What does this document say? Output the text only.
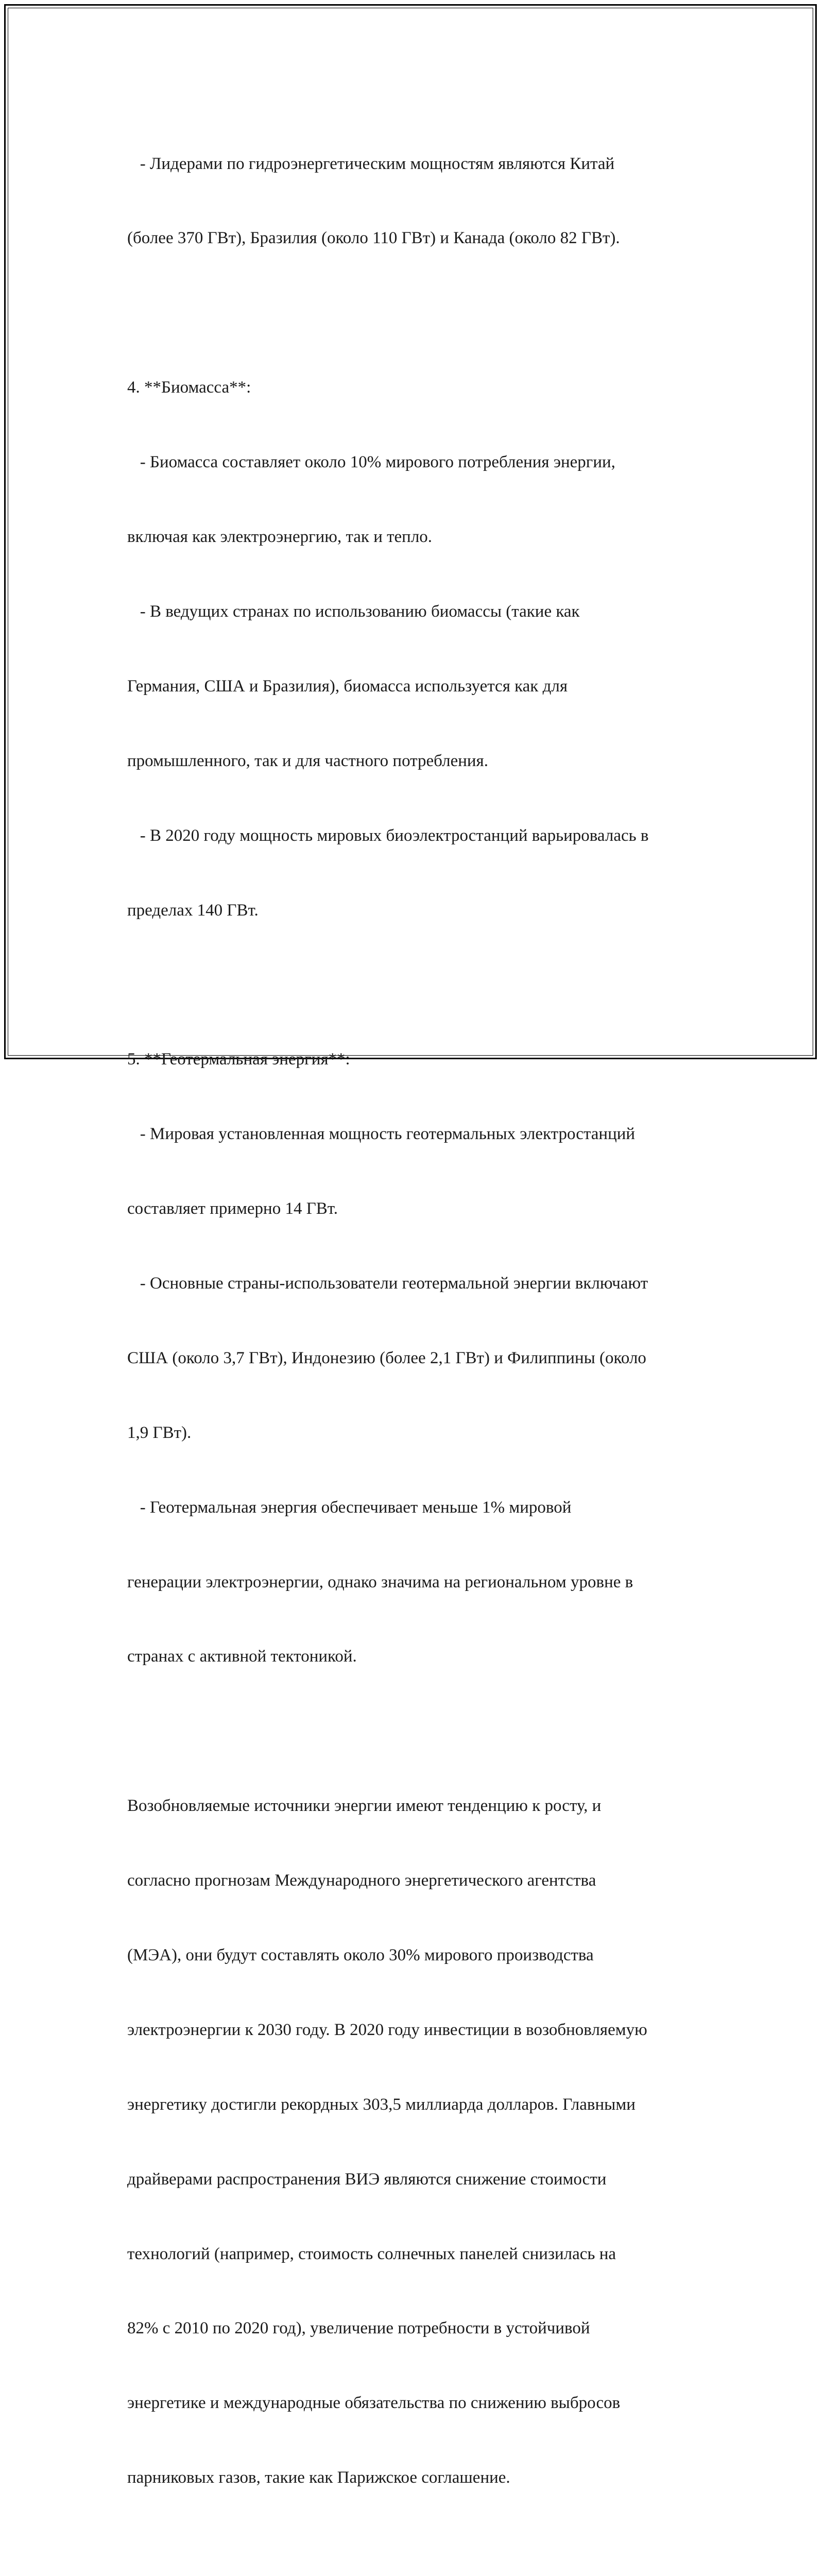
- Лидерами по гидроэнергетическим мощностям являются Китай

(более 370 ГВт), Бразилия (около 110 ГВт) и Канада (около 82 ГВт).

4. **Биомасса**:

- Биомасса составляет около 10% мирового потребления энергии,

включая как электроэнергию, так и тепло.

- В ведущих странах по использованию биомассы (такие как

Германия, США и Бразилия), биомасса используется как для

промышленного, так и для частного потребления.

- В 2020 году мощность мировых биоэлектростанций варьировалась в

пределах 140 ГВт.

5. **Геотермальная энергия**:

- Мировая установленная мощность геотермальных электростанций

составляет примерно 14 ГВт.

- Основные страны-использователи геотермальной энергии включают

США (около 3,7 ГВт), Индонезию (более 2,1 ГВт) и Филиппины (около

1,9 ГВт).

- Геотермальная энергия обеспечивает меньше 1% мировой

генерации электроэнергии, однако значима на региональном уровне в

странах с активной тектоникой.

Возобновляемые источники энергии имеют тенденцию к росту, и

согласно прогнозам Международного энергетического агентства

(МЭА), они будут составлять около 30% мирового производства

электроэнергии к 2030 году. В 2020 году инвестиции в возобновляемую

энергетику достигли рекордных 303,5 миллиарда долларов. Главными

драйверами распространения ВИЭ являются снижение стоимости

технологий (например, стоимость солнечных панелей снизилась на

82% с 2010 по 2020 год), увеличение потребности в устойчивой

энергетике и международные обязательства по снижению выбросов

парниковых газов, такие как Парижское соглашение.
